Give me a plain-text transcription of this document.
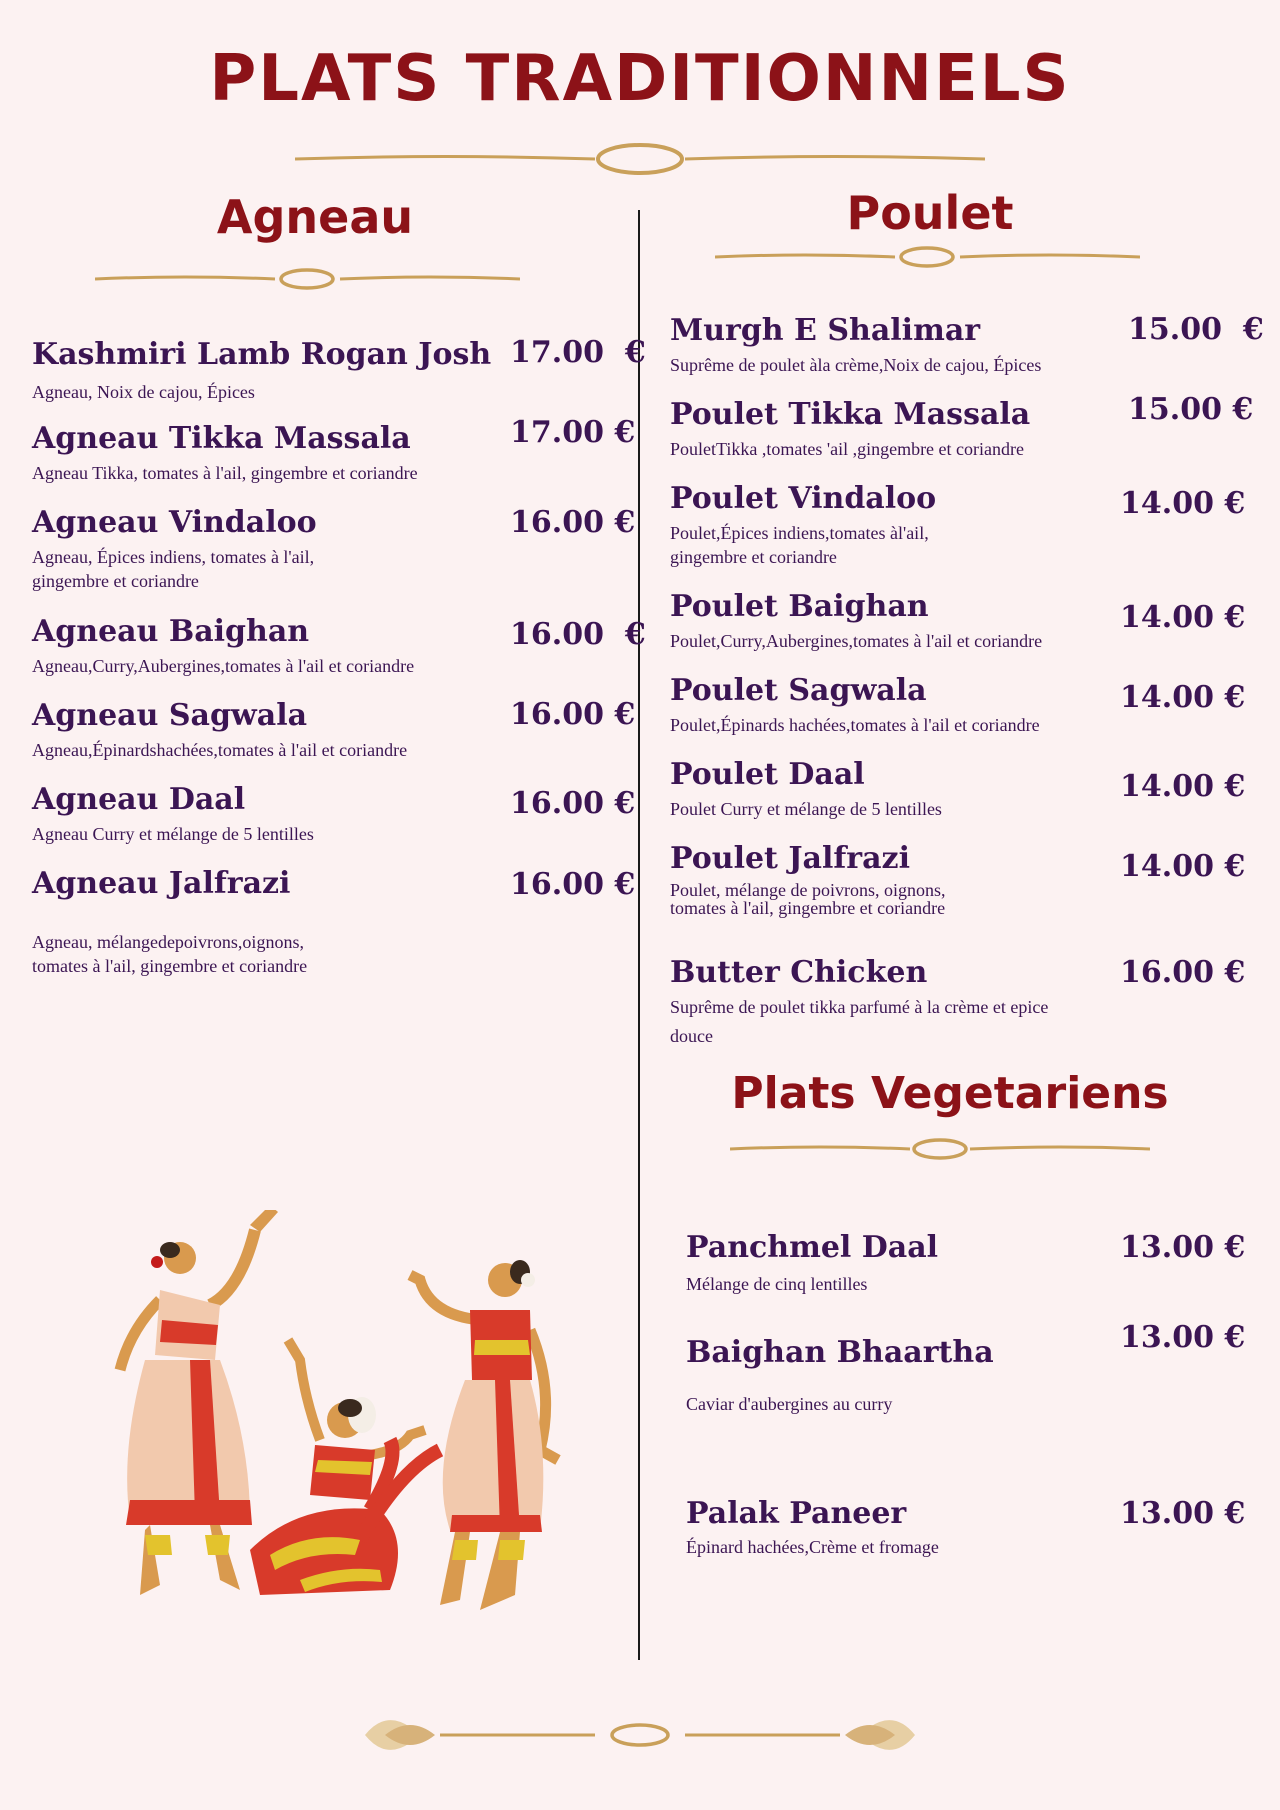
PLATS TRADITIONNELS
Agneau
Kashmiri Lamb Rogan Josh
Agneau, Noix de cajou, Épices
17.00  €
Agneau Tikka Massala
Agneau Tikka, tomates à l'ail, gingembre et coriandre
17.00 €
Agneau Vindaloo
Agneau, Épices indiens, tomates à l'ail,
gingembre et coriandre
16.00 €
Agneau Baighan
Agneau,Curry,Aubergines,tomates à l'ail et coriandre
16.00  €
Agneau Sagwala
Agneau,Épinardshachées,tomates à l'ail et coriandre
16.00 €
Agneau Daal
Agneau Curry et mélange de 5 lentilles
16.00 €
Agneau Jalfrazi
Agneau, mélangedepoivrons,oignons,
tomates à l'ail, gingembre et coriandre
16.00 €
Poulet
Murgh E Shalimar
Suprême de poulet àla crème,Noix de cajou, Épices
15.00  €
Poulet Tikka Massala
PouletTikka ,tomates 'ail ,gingembre et coriandre
15.00 €
Poulet Vindaloo
Poulet,Épices indiens,tomates àl'ail,
gingembre et coriandre
14.00 €
Poulet Baighan
Poulet,Curry,Aubergines,tomates à l'ail et coriandre
14.00 €
Poulet Sagwala
Poulet,Épinards hachées,tomates à l'ail et coriandre
14.00 €
Poulet Daal
Poulet Curry et mélange de 5 lentilles
14.00 €
Poulet Jalfrazi
Poulet, mélange de poivrons, oignons,
tomates à l'ail, gingembre et coriandre
14.00 €
Butter Chicken
Suprême de poulet tikka parfumé à la crème et epice
douce
16.00 €
Plats Vegetariens
Panchmel Daal
Mélange de cinq lentilles
13.00 €
Baighan Bhaartha
Caviar d'aubergines au curry
13.00 €
Palak Paneer
Épinard hachées,Crème et fromage
13.00 €
